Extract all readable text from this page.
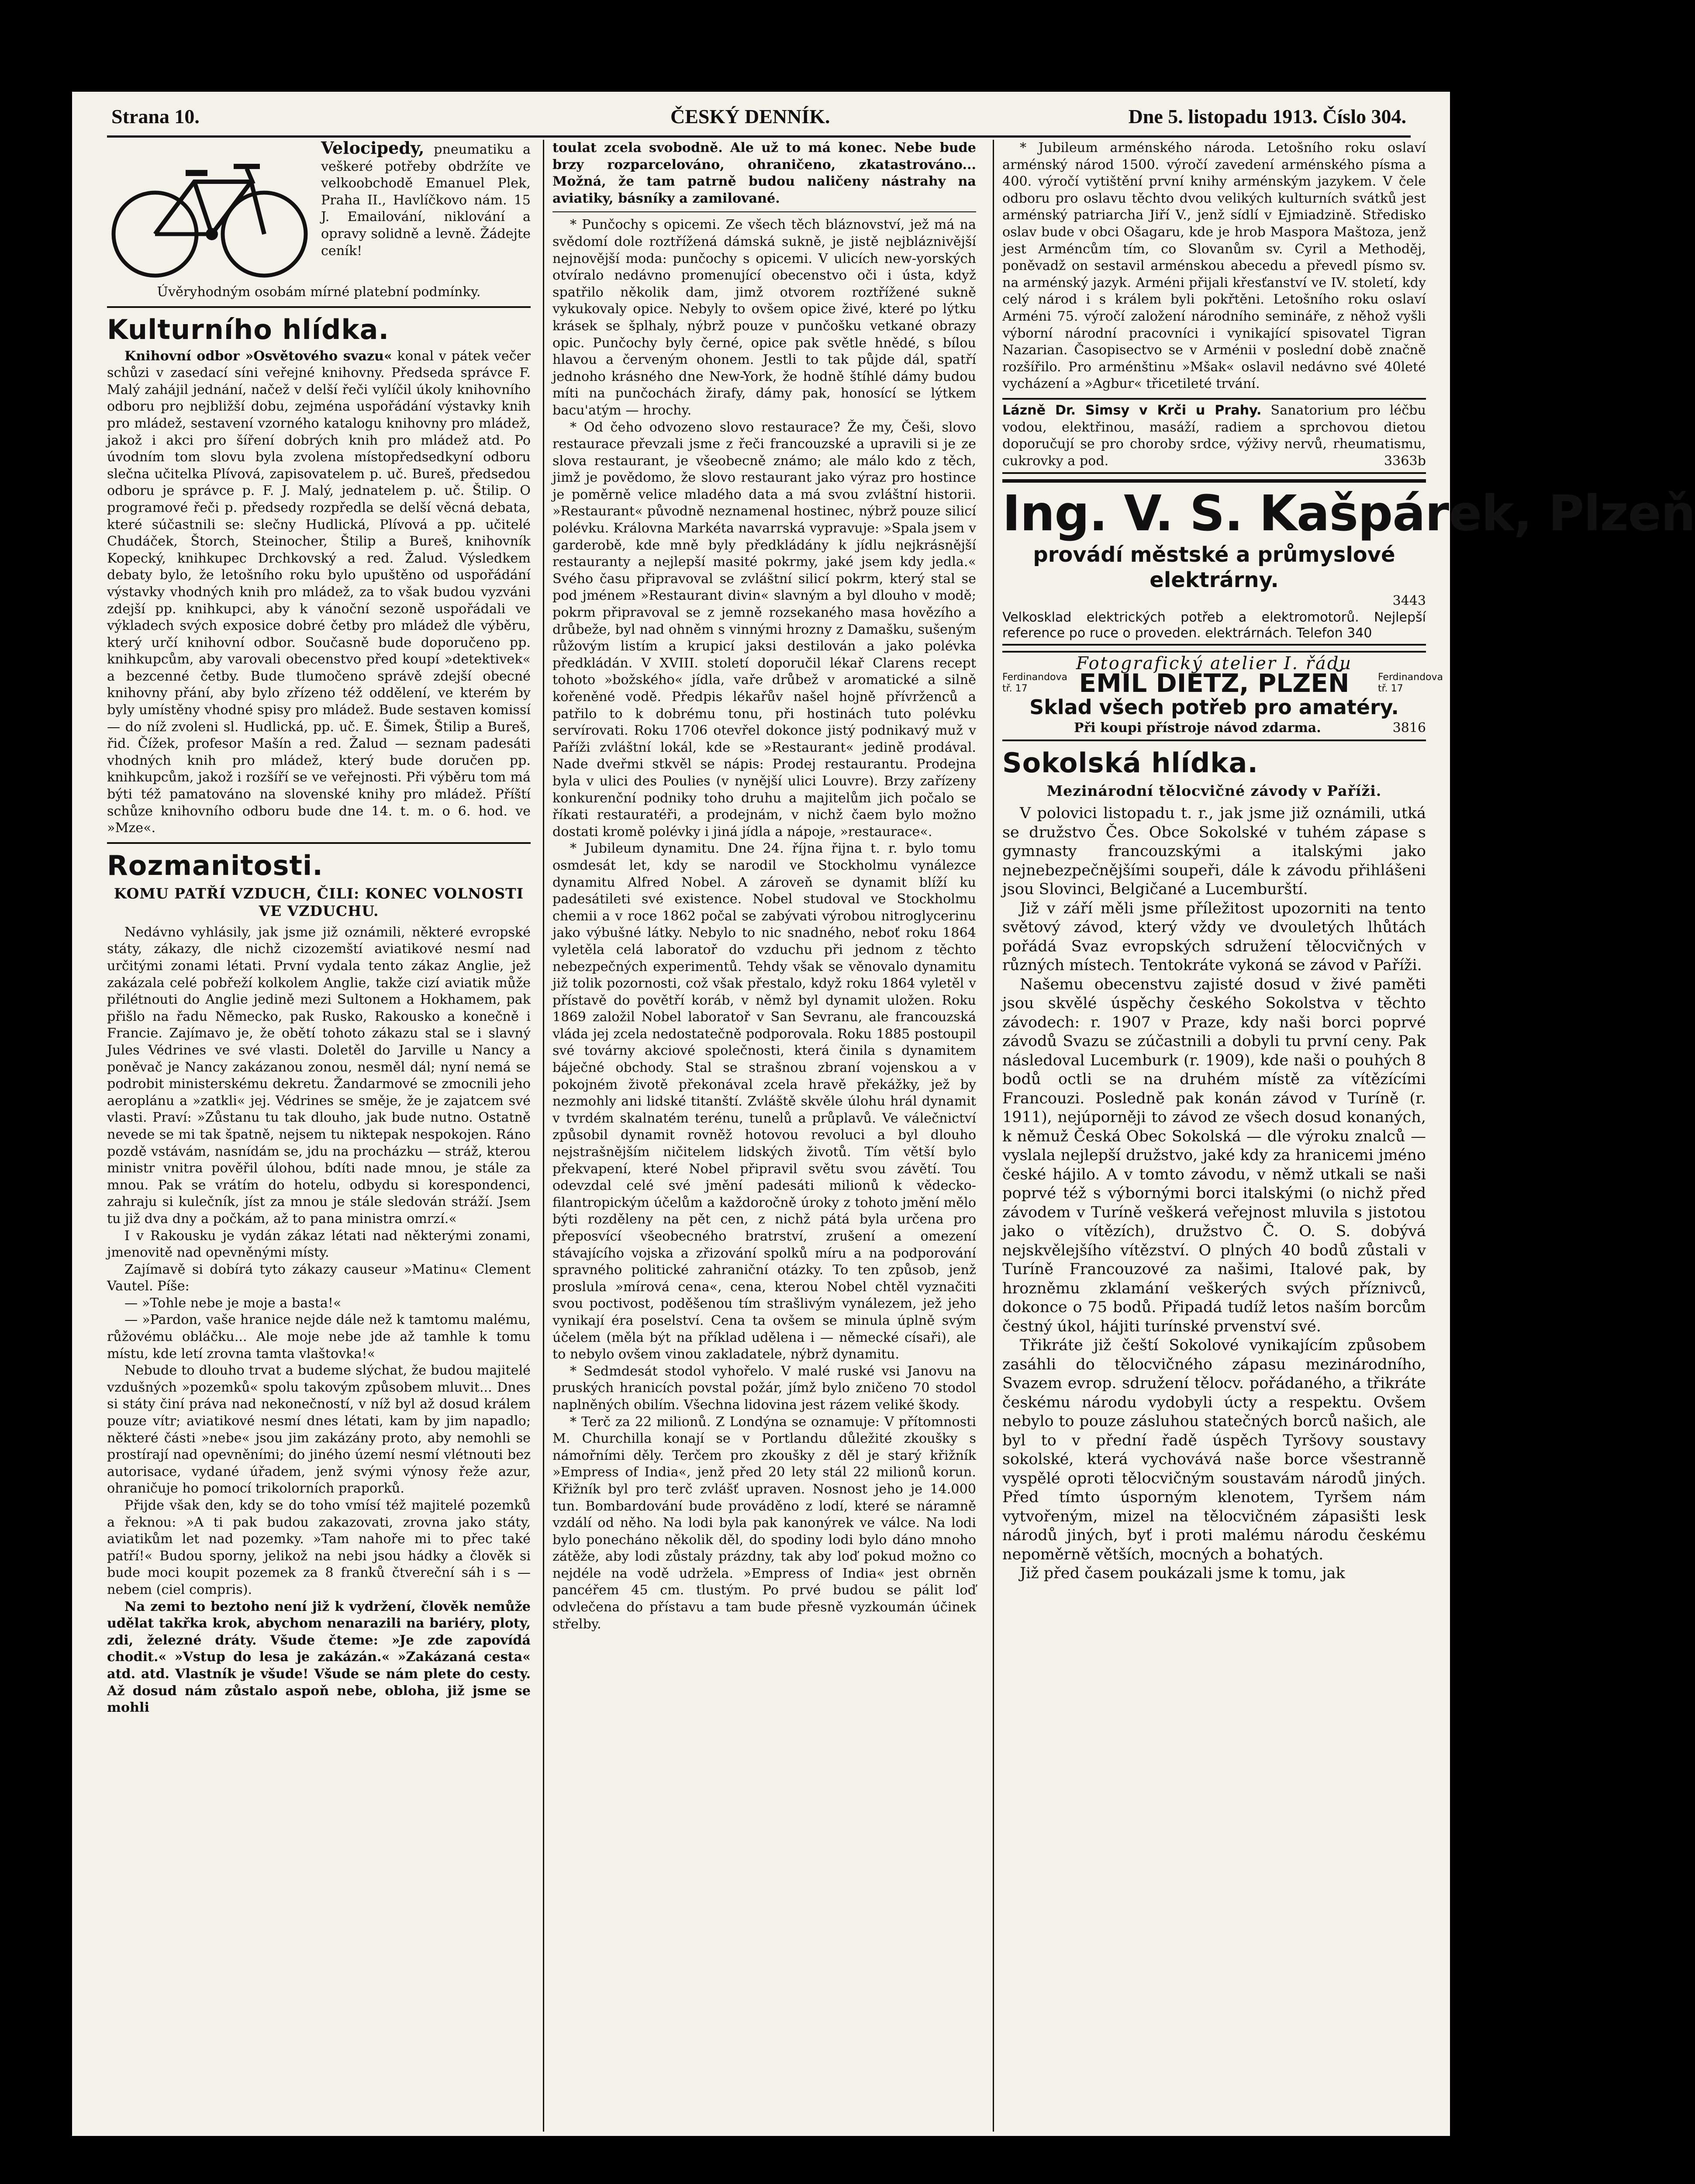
Strana 10.	ČESKÝ DENNÍK.	Dne 5. listopadu 1913. Číslo 304.

Velocipedy, pneumatiku a veškeré potřeby obdržíte ve velkoobchodě Emanuel Plek, Praha II., Havlíčkovo nám. 15 J. Emailování, niklování a opravy solidně a levně. Žádejte ceník!

Úvěryhodným osobám mírné platební podmínky.

Kulturního hlídka.

Knihovní odbor »Osvětového svazu« konal v pátek večer schůzi v zasedací síni veřejné knihovny. Předseda správce F. Malý zahájil jednání, načež v delší řeči vylíčil úkoly knihovního odboru pro nejbližší dobu, zejména uspořádání výstavky knih pro mládež, sestavení vzorného katalogu knihovny pro mládež, jakož i akci pro šíření dobrých knih pro mládež atd. Po úvodním tom slovu byla zvolena místopředsedkyní odboru slečna učitelka Plívová, zapisovatelem p. uč. Bureš, předsedou odboru je správce p. F. J. Malý, jednatelem p. uč. Štilip. O programové řeči p. předsedy rozpředla se delší věcná debata, které súčastnili se: slečny Hudlická, Plívová a pp. učitelé Chudáček, Štorch, Steinocher, Štilip a Bureš, knihovník Kopecký, knihkupec Drchkovský a red. Žalud. Výsledkem debaty bylo, že letošního roku bylo upuštěno od uspořádání výstavky vhodných knih pro mládež, za to však budou vyzváni zdejší pp. knihkupci, aby k vánoční sezoně uspořádali ve výkladech svých exposice dobré četby pro mládež dle výběru, který určí knihovní odbor. Současně bude doporučeno pp. knihkupcům, aby varovali obecenstvo před koupí »detektivek« a bezcenné četby. Bude tlumočeno správě zdejší obecné knihovny přání, aby bylo zřízeno též oddělení, ve kterém by byly umístěny vhodné spisy pro mládež. Bude sestaven komissí — do níž zvoleni sl. Hudlická, pp. uč. E. Šimek, Štilip a Bureš, řid. Čížek, profesor Mašín a red. Žalud — seznam padesáti vhodných knih pro mládež, který bude doručen pp. knihkupcům, jakož i rozšíří se ve veřejnosti. Při výběru tom má býti též pamatováno na slovenské knihy pro mládež. Příští schůze knihovního odboru bude dne 14. t. m. o 6. hod. ve »Mze«.

Rozmanitosti.
KOMU PATŘÍ VZDUCH, ČILI: KONEC VOLNOSTI VE VZDUCHU.

Nedávno vyhlásily, jak jsme již oznámili, některé evropské státy, zákazy, dle nichž cizozemští aviatikové nesmí nad určitými zonami létati. První vydala tento zákaz Anglie, jež zakázala celé pobřeží kolkolem Anglie, takže cizí aviatik může přilétnouti do Anglie jedině mezi Sultonem a Hokhamem, pak přišlo na řadu Německo, pak Rusko, Rakousko a konečně i Francie. Zajímavo je, že obětí tohoto zákazu stal se i slavný Jules Védrines ve své vlasti. Doletěl do Jarville u Nancy a poněvač je Nancy zakázanou zonou, nesměl dál; nyní nemá se podrobit ministerskému dekretu. Žandarmové se zmocnili jeho aeroplánu a »zatkli« jej. Védrines se směje, že je zajatcem své vlasti. Praví: »Zůstanu tu tak dlouho, jak bude nutno. Ostatně nevede se mi tak špatně, nejsem tu niktерak nespokojen. Ráno pozdě vstávám, nasnídám se, jdu na procházku — stráž, kterou ministr vnitra pověřil úlohou, bdíti nade mnou, je stále za mnou. Pak se vrátím do hotelu, odbydu si korespondenci, zahraju si kulečník, jíst za mnou je stále sledován stráží. Jsem tu již dva dny a počkám, až to pana ministra omrzí.«

I v Rakousku je vydán zákaz létati nad některými zonami, jmenovitě nad opevněnými místy.

Zajímavě si dobírá tyto zákazy causeur »Matinu« Clement Vautel. Píše:

— »Tohle nebe je moje a basta!«

— »Pardon, vaše hranice nejde dále než k tamtomu malému, růžovému obláčku... Ale moje nebe jde až tamhle k tomu místu, kde letí zrovna tamta vlaštovka!«

Nebude to dlouho trvat a budeme slýchat, že budou majitelé vzdušných »pozemků« spolu takovým způsobem mluvit... Dnes si státy činí práva nad nekonečností, v níž byl až dosud králem pouze vítr; aviatikové nesmí dnes létati, kam by jim napadlo; některé části »nebe« jsou jim zakázány proto, aby nemohli se prostírají nad opevněními; do jiného území nesmí vlétnouti bez autorisace, vydané úřadem, jenž svými výnosy řeže azur, ohraničuje ho pomocí trikolorních praporků.

Přijde však den, kdy se do toho vmísí též majitelé pozemků a řeknou: »A ti pak budou zakazovati, zrovna jako státy, aviatikům let nad pozemky. »Tam nahoře mi to přec také patří!« Budou sporny, jelikož na nebi jsou hádky a člověk si bude moci koupit pozemek za 8 franků čtvereční sáh i s — nebem (ciel compris).

Na zemi to beztoho není již k vydržení, člověk nemůže udělat takřka krok, abychom nenarazili na bariéry, ploty, zdi, železné dráty. Všude čteme: »Je zde zapovídá chodit.« »Vstup do lesa je zakázán.« »Zakázaná cesta« atd. atd. Vlastník je všude! Všude se nám plete do cesty. Až dosud nám zůstalo aspoň nebe, obloha, již jsme se mohli

toulat zcela svobodně. Ale už to má konec. Nebe bude brzy rozparcelováno, ohraničeno, zkatastrováno... Možná, že tam patrně budou naličeny nástrahy na aviatiky, básníky a zamilované.

* Punčochy s opicemi. Ze všech těch bláznovství, jež má na svědomí dole roztřížená dámská sukně, je jistě nejbláznivější nejnovější moda: punčochy s opicemi. V ulicích new-yorských otvíralo nedávno promenující obecenstvo oči i ústa, když spatřilo několik dam, jimž otvorem roztřížené sukně vykukovaly opice. Nebyly to ovšem opice živé, které po lýtku krásek se šplhaly, nýbrž pouze v punčošku vetkané obrazy opic. Punčochy byly černé, opice pak světle hnědé, s bílou hlavou a červeným ohonem. Jestli to tak půjde dál, spatří jednoho krásného dne New-York, že hodně štíhlé dámy budou míti na punčochách žirafy, dámy pak, honosící se lýtkem bacu'atým — hrochy.

* Od čeho odvozeno slovo restaurace? Že my, Češi, slovo restaurace převzali jsme z řeči francouzské a upravili si je ze slova restaurant, je všeobecně známo; ale málo kdo z těch, jimž je povědomo, že slovo restaurant jako výraz pro hostince je poměrně velice mladého data a má svou zvláštní historii. »Restaurant« původně neznamenal hostinec, nýbrž pouze silicí polévku. Královna Markéta navarrská vypravuje: »Spala jsem v garderobě, kde mně byly předkládány k jídlu nejkrásnější restauranty a nejlepší masité pokrmy, jaké jsem kdy jedla.« Svého času připravoval se zvláštní silicí pokrm, který stal se pod jménem »Restaurant divin« slavným a byl dlouho v modě; pokrm připravoval se z jemně rozsekaného masa hovězího a drůbeže, byl nad ohněm s vinnými hrozny z Damašku, sušeným růžovým listím a krupicí jaksi destilován a jako polévka předkládán. V XVIII. století doporučil lékař Clarens recept tohoto »božského« jídla, vaře drůbež v aromatické a silně kořeněné vodě. Předpis lékařův našel hojně přívrženců a patřilo to k dobrému tonu, při hostinách tuto polévku servírovati. Roku 1706 otevřel dokonce jistý podnikavý muž v Paříži zvláštní lokál, kde se »Restaurant« jedině prodával. Nade dveřmi stkvěl se nápis: Prodej restaurantu. Prodejna byla v ulici des Poulies (v nynější ulici Louvre). Brzy zařízeny konkurenční podniky toho druhu a majitelům jich počalo se říkati restauratéři, a prodejnám, v nichž čaem bylo možno dostati kromě polévky i jiná jídla a nápoje, »restaurace«.

* Jubileum dynamitu. Dne 24. října řijna t. r. bylo tomu osmdesát let, kdy se narodil ve Stockholmu vynálezce dynamitu Alfred Nobel. A zároveň se dynamit blíží ku padesátileti své existence. Nobel studoval ve Stockholmu chemii a v roce 1862 počal se zabývati výrobou nitroglycerinu jako výbušné látky. Nebylo to nic snadného, neboť roku 1864 vyletěla celá laboratoř do vzduchu při jednom z těchto nebezpečných experimentů. Tehdy však se věnovalo dynamitu již tolik pozornosti, což však přestalo, když roku 1864 vyletěl v přístavě do povětří koráb, v němž byl dynamit uložen. Roku 1869 založil Nobel laboratoř v San Sevranu, ale francouzská vláda jej zcela nedostatečně podporovala. Roku 1885 postoupil své továrny akciové společnosti, která činila s dynamitem báječné obchody. Stal se strašnou zbraní vojenskou a v pokojném životě překonával zcela hravě překážky, jež by nezmohly ani lidské titanští. Zvláště skvěle úlohu hrál dynamit v tvrdém skalnatém terénu, tunelů a průplavů. Ve válečnictví způsobil dynamit rovněž hotovou revoluci a byl dlouho nejstrašnějším ničitelem lidských životů. Tím větší bylo překvapení, které Nobel připravil světu svou závětí. Tou odevzdal celé své jmění padesáti milionů k vědecko-filantropickým účelům a každoročně úroky z tohoto jmění mělo býti rozděleny na pět cen, z nichž pátá byla určena pro přeposvící všeobecného bratrství, zrušení a omezení stávajícího vojska a zřizování spolků míru a na podporování spravného politické zahraniční otázky. To ten způsob, jenž proslula »mírová cena«, cena, kterou Nobel chtěl vyznačiti svou poctivost, poděšenou tím strašlivým vynálezem, jež jeho vynikají éra poselství. Cena ta ovšem se minula úplně svým účelem (měla být na příklad udělena i — německé císaři), ale to nebylo ovšem vinou zakladatele, nýbrž dynamitu.

* Sedmdesát stodol vyhořelo. V malé ruské vsi Janovu na pruských hranicích povstal požár, jímž bylo zničeno 70 stodol naplněných obilím. Všechna lidovina jest rázem veliké škody.

* Terč za 22 milionů. Z Londýna se oznamuje: V přítomnosti M. Churchilla konají se v Portlandu důležité zkoušky s námořními děly. Terčem pro zkoušky z děl je starý křižník »Empress of India«, jenž před 20 lety stál 22 milionů korun. Křižník byl pro terč zvlášť upraven. Nosnost jeho je 14.000 tun. Bombardování bude prováděno z lodí, které se náramně vzdálí od něho. Na lodi byla pak kanonýrek ve válce. Na lodi bylo ponecháno několik děl, do spodiny lodi bylo dáno mnoho zátěže, aby lodi zůstaly prázdny, tak aby loď pokud možno co nejdéle na vodě udržela. »Empress of India« jest obrněn pancéřem 45 cm. tlustým. Po prvé budou se pálit loď odvlečena do přístavu a tam bude přesně vyzkoumán účinek střelby.

* Jubileum arménského národa. Letošního roku oslaví arménský národ 1500. výročí zavedení arménského písma a 400. výročí vytištění první knihy arménským jazykem. V čele odboru pro oslavu těchto dvou velikých kulturních svátků jest arménský patriarcha Jiří V., jenž sídlí v Ejmiadzině. Středisko oslav bude v obci Ošagaru, kde je hrob Maspora Maštoza, jenž jest Arméncům tím, co Slovanům sv. Cyril a Methoděj, poněvadž on sestavil arménskou abecedu a převedl písmo sv. na arménský jazyk. Arméni přijali křesťanství ve IV. století, kdy celý národ i s králem byli pokřtěni. Letošního roku oslaví Arméni 75. výročí založení národního semináře, z něhož vyšli výborní národní pracovníci i vynikající spisovatel Tigran Nazarian. Časopisectvo se v Arménii v poslední době značně rozšířilo. Pro arménštinu »Mšak« oslavil nedávno své 40leté vycházení a »Agbur« třicetileté trvání.

Lázně Dr. Simsy v Krči u Prahy. Sanatorium pro léčbu vodou, elektřinou, masáží, radiem a sprchovou dietou doporučují se pro choroby srdce, výživy nervů, rheumatismu, cukrovky a pod.	3363b

Ing. V. S. Kašpárek, Plzeň
provádí městské a průmyslové elektrárny.
3443
Velkosklad elektrických potřeb a elektromotorů. Nejlepší reference po ruce o proveden. elektrárnách. Telefon 340
Fotografický atelier I. řádu
Ferdinandova tř. 17	EMIL DIETZ, PLZEŇ	Ferdinandova tř. 17
Sklad všech potřeb pro amatéry.
Při koupi přístroje návod zdarma.	3816
Sokolská hlídka.
Mezinárodní tělocvičné závody v Paříži.

V polovici listopadu t. r., jak jsme již oznámili, utká se družstvo Čes. Obce Sokolské v tuhém zápase s gymnasty francouzskými a italskými jako nejnebezpečnějšími soupeři, dále k závodu přihlášeni jsou Slovinci, Belgičané a Lucemburští.

Již v září měli jsme příležitost upozorniti na tento světový závod, který vždy ve dvouletých lhůtách pořádá Svaz evropských sdružení tělocvičných v různých místech. Tentokráte vykoná se závod v Paříži.

Našemu obecenstvu zajisté dosud v živé paměti jsou skvělé úspěchy českého Sokolstva v těchto závodech: r. 1907 v Praze, kdy naši borci poprvé závodů Svazu se zúčastnili a dobyli tu první ceny. Pak následoval Lucemburk (r. 1909), kde naši o pouhých 8 bodů octli se na druhém místě za vítězícími Francouzi. Posledně pak konán závod v Turíně (r. 1911), nejúporněji to závod ze všech dosud konaných, k němuž Česká Obec Sokolská — dle výroku znalců — vyslala nejlepší družstvo, jaké kdy za hranicemi jméno české hájilo. A v tomto závodu, v němž utkali se naši poprvé též s výbornými borci italskými (o nichž před závodem v Turíně veškerá veřejnost mluvila s jistotou jako o vítězích), družstvo Č. O. S. dobývá nejskvělejšího vítězství. O plných 40 bodů zůstali v Turíně Francouzové za našimi, Italové pak, by hrozněmu zklamání veškerých svých příznivců, dokonce o 75 bodů. Připadá tudíž letos naším borcům čestný úkol, hájiti turínské prvenství své.

Třikráte již čeští Sokolové vynikajícím způsobem zasáhli do tělocvičného zápasu mezinárodního, Svazem evrop. sdružení tělocv. pořádaného, a třikráte českému národu vydobyli úcty a respektu. Ovšem nebylo to pouze zásluhou statečných borců našich, ale byl to v přední řadě úspěch Tyršovy soustavy sokolské, která vychovává naše borce všestranně vyspělé oproti tělocvičným soustavám národů jiných. Před tímto úsporným klenotem, Tyršem nám vytvořeným, mizel na tělocvičném zápasišti lesk národů jiných, byť i proti malému národu českému nepoměrně větších, mocných a bohatých.

Již před časem poukázali jsme k tomu, jak
